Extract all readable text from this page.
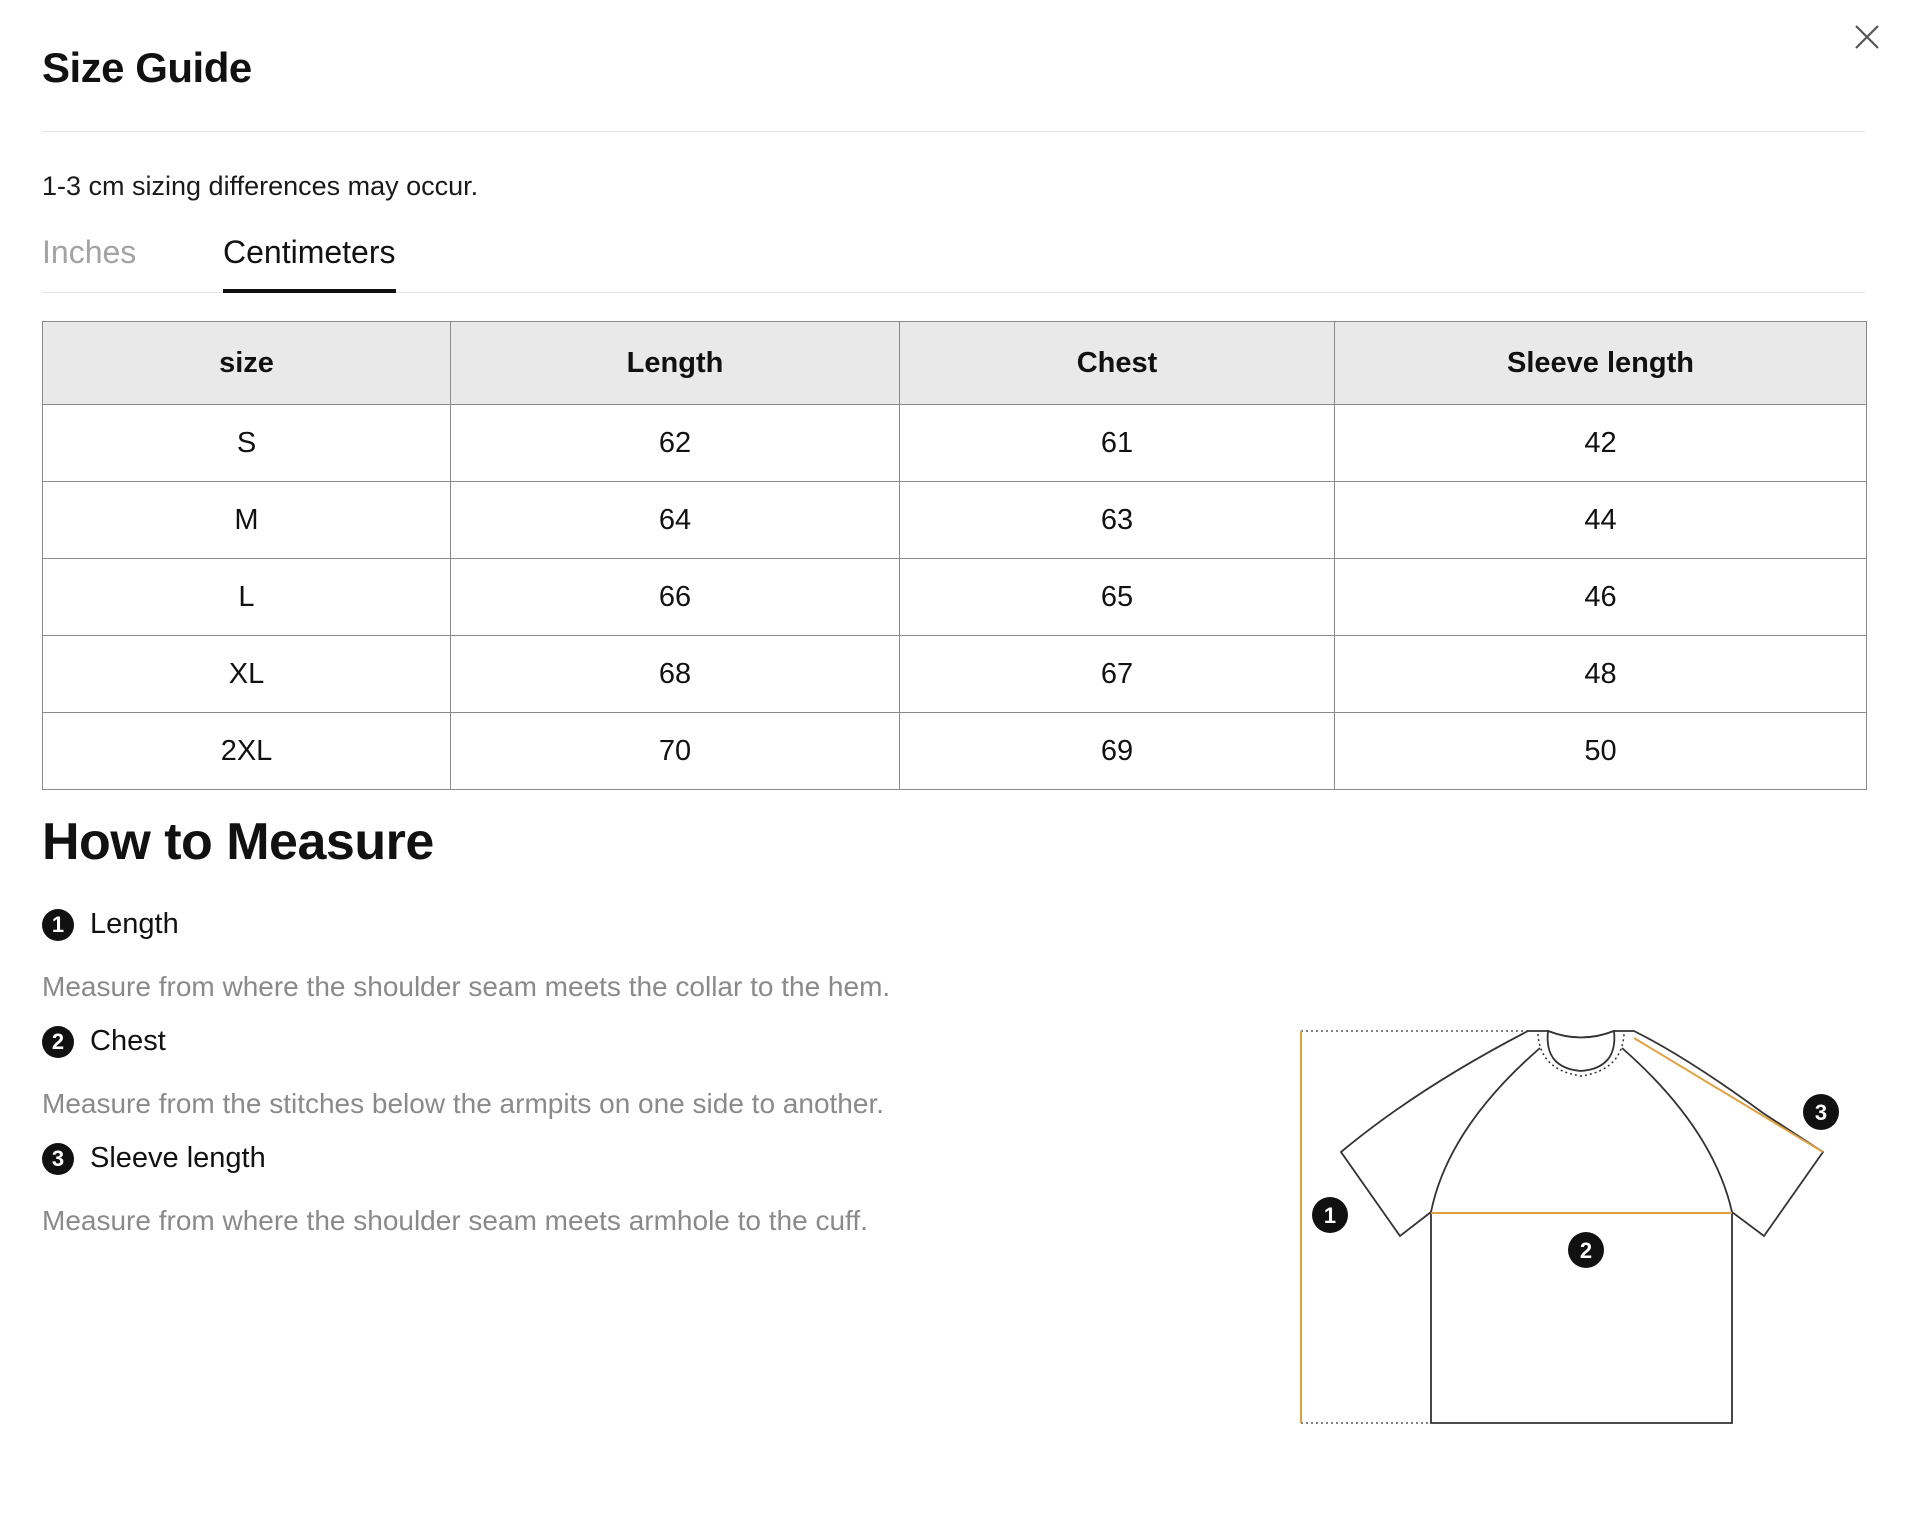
Size Guide
1-3 cm sizing differences may occur.
Inches	Centimeters
size	Length	Chest	Sleeve length
S	62	61	42
M	64	63	44
L	66	65	46
XL	68	67	48
2XL	70	69	50
How to Measure
1 Length
Measure from where the shoulder seam meets the collar to the hem.
2 Chest
Measure from the stitches below the armpits on one side to another.
3 Sleeve length
Measure from where the shoulder seam meets armhole to the cuff.	1
2
3
